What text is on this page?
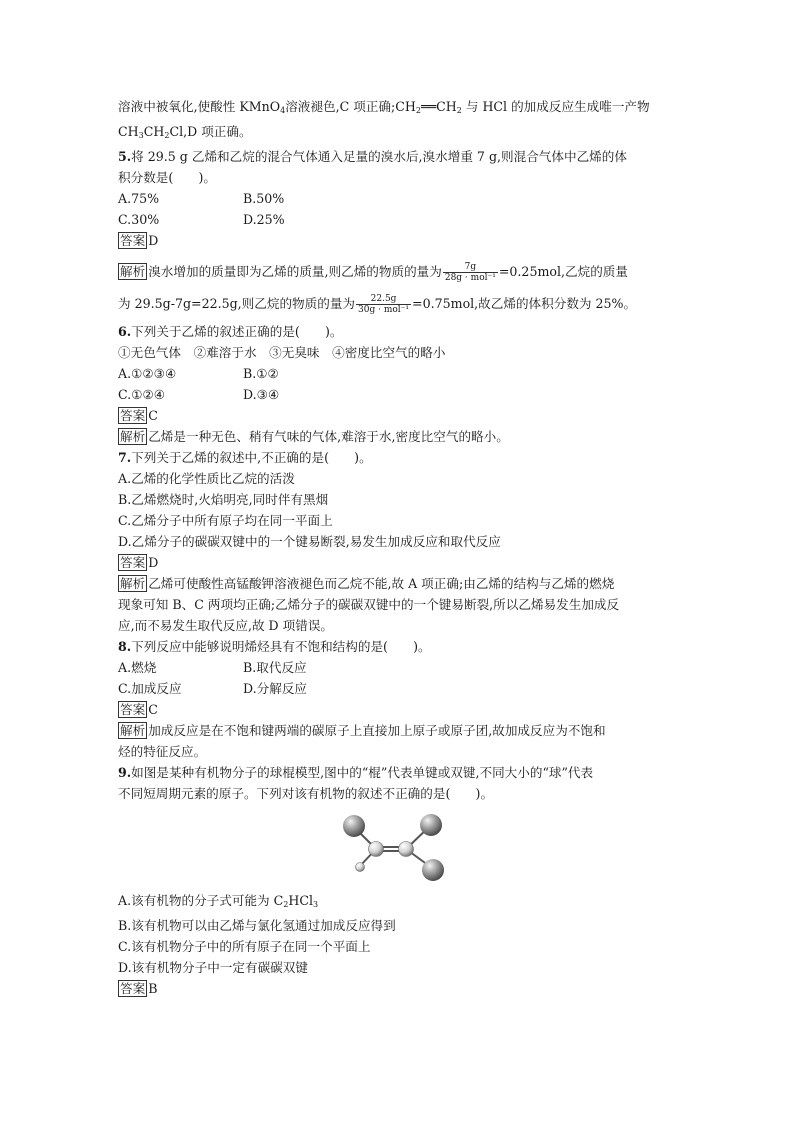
溶液中被氧化,使酸性 KMnO$_4$溶液褪色,C 项正确$;CH_2══CH_2$ 与 HCl 的加成反应生成唯一产物
$CH_3CH_2Cl,D$ 项正确。
5.将 29.5 g 乙烯和乙烷的混合气体通入足量的溴水后,溴水增重 7 g,则混合气体中乙烯的体
积分数是(　　)。
A.75%	B.50%
C.30%	D.25%
答案 D
解析 溴水增加的质量即为乙烯的质量,则乙烯的物质的量为 $\frac{7g}{\text{28g · mol⁻¹}} =0.25mol$,乙烷的质量
为 29.5g-7g=22.5g,则乙烷的物质的量为 $\frac{22.5g}{\text{30g · mol⁻¹}} =0.75mol$,故乙烯的体积分数为 25%。
6.下列关于乙烯的叙述正确的是(　　)。
①无色气体　②难溶于水　③无臭味　④密度比空气的略小
A.①②③④	B.①②
C.①②④	D.③④
答案 C
解析 乙烯是一种无色、稍有气味的气体,难溶于水,密度比空气的略小。
7.下列关于乙烯的叙述中,不正确的是(　　)。
A.乙烯的化学性质比乙烷的活泼
B.乙烯燃烧时,火焰明亮,同时伴有黑烟
C.乙烯分子中所有原子均在同一平面上
D.乙烯分子的碳碳双键中的一个键易断裂,易发生加成反应和取代反应
答案 D
解析 乙烯可使酸性高锰酸钾溶液褪色而乙烷不能,故 A 项正确;由乙烯的结构与乙烯的燃烧
现象可知 B、C 两项均正确;乙烯分子的碳碳双键中的一个键易断裂,所以乙烯易发生加成反
应,而不易发生取代反应,故 D 项错误。
8.下列反应中能够说明烯烃具有不饱和结构的是(　　)。
A.燃烧	B.取代反应
C.加成反应	D.分解反应
答案 C
解析 加成反应是在不饱和键两端的碳原子上直接加上原子或原子团,故加成反应为不饱和
烃的特征反应。
9.如图是某种有机物分子的球棍模型,图中的“棍”代表单键或双键,不同大小的“球”代表
不同短周期元素的原子。下列对该有机物的叙述不正确的是(　　)。
A.该有机物的分子式可能为 $C_2HCl_3$
B.该有机物可以由乙烯与氯化氢通过加成反应得到
C.该有机物分子中的所有原子在同一个平面上
D.该有机物分子中一定有碳碳双键
答案 B
